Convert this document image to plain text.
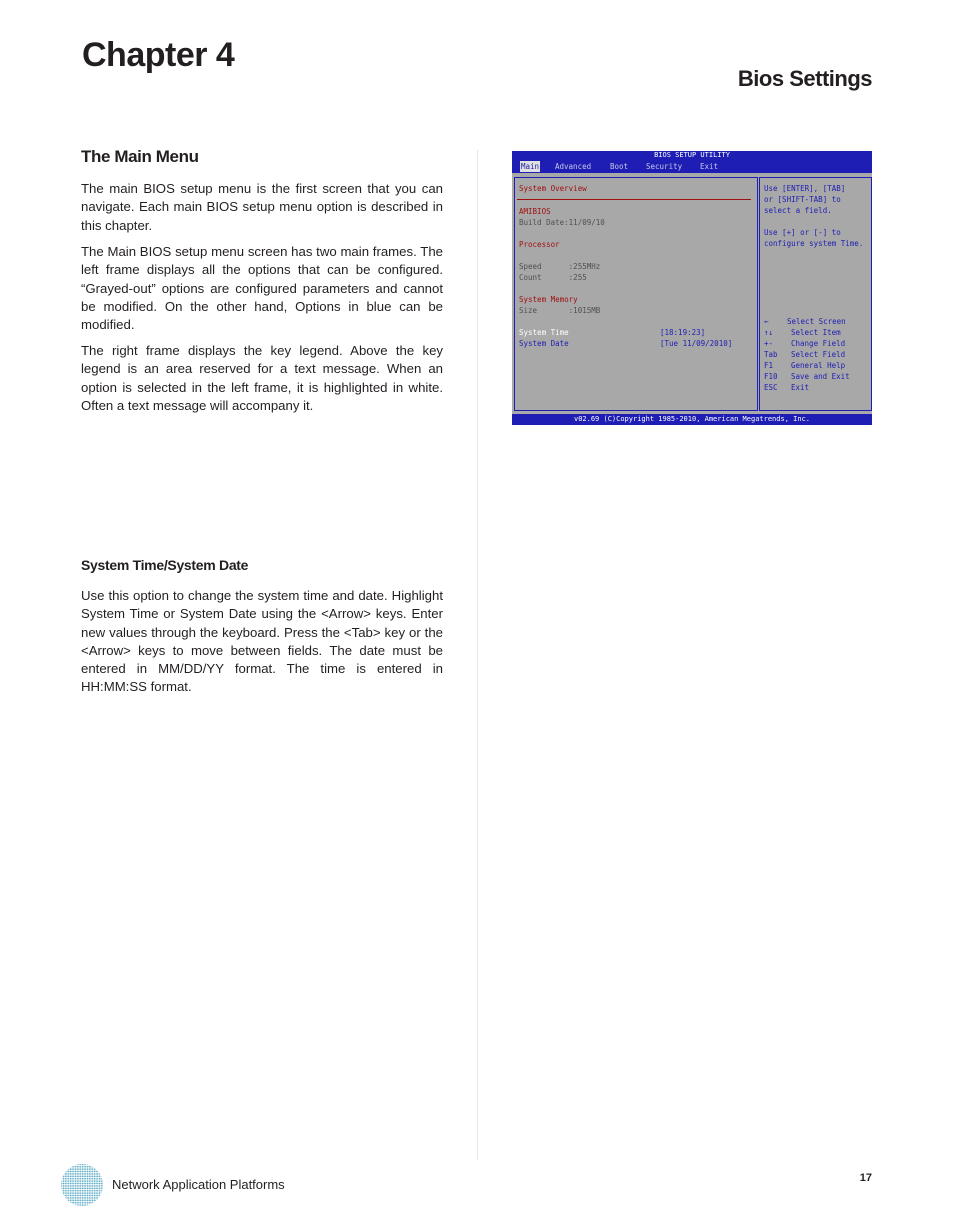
Chapter 4
Bios Settings
The Main Menu

The main BIOS setup menu is the first screen that you can navigate. Each main BIOS setup menu option is described in this chapter.

The Main BIOS setup menu screen has two main frames. The left frame displays all the options that can be configured. “Grayed-out” options are configured parameters and cannot be modified. On the other hand, Options in blue can be modified.

The right frame displays the key legend. Above the key legend is an area reserved for a text message. When an option is selected in the left frame, it is highlighted in white. Often a text message will accompany it.

System Time/System Date

Use this option to change the system time and date. Highlight System Time or System Date using the <Arrow> keys. Enter new values through the keyboard. Press the <Tab> key or the <Arrow> keys to move between fields. The date must be entered in MM/DD/YY format. The time is entered in HH:MM:SS format.

BIOS SETUP UTILITY
Main Advanced	Boot Security Exit
System Overview
AMIBIOS
Build Date:11/09/10
Processor
Speed      :255MHz
Count      :255
System Memory
Size       :1015MB
System Time	[18:19:23]
System Date	[Tue 11/09/2010]
Use [ENTER], [TAB]
or [SHIFT-TAB] to
select a field.
Use [+] or [-] to
configure system Time.
← Select Screen
↑↓ Select Item
+- Change Field
Tab Select Field
F1 General Help
F10 Save and Exit
ESC Exit
v02.69 (C)Copyright 1985-2010, American Megatrends, Inc.
Network Application Platforms	17
